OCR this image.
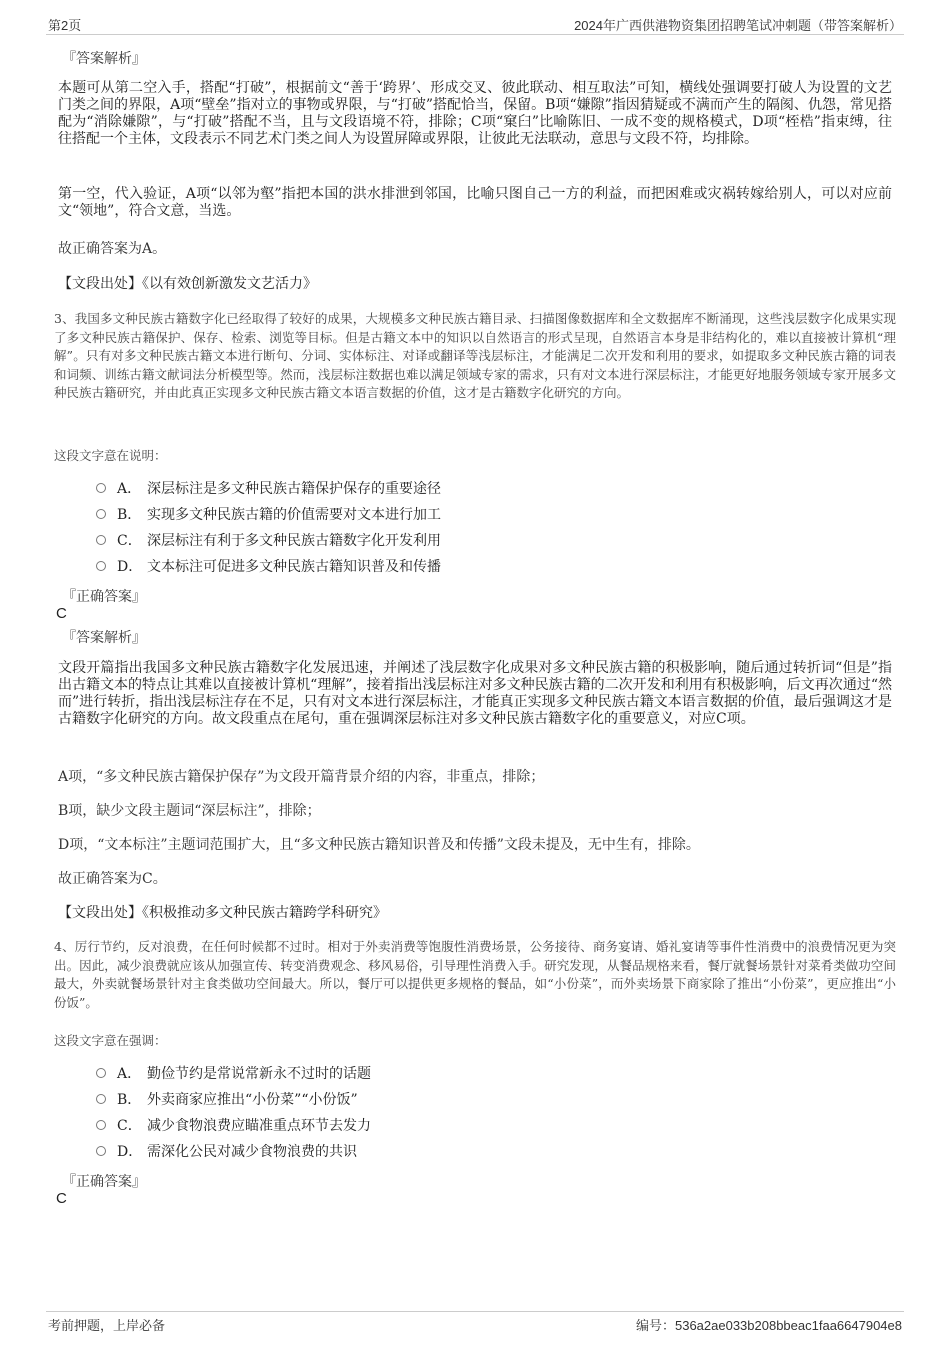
第2页	2024年广西供港物资集团招聘笔试冲刺题（带答案解析）
『答案解析』
本题可从第二空入手，搭配“打破”，根据前文“善于‘跨界’、形成交叉、彼此联动、相互取法”可知，横线处强调要打破人为设置的文艺门类之间的界限，A项“壁垒”指对立的事物或界限，与“打破”搭配恰当，保留。B项“嫌隙”指因猜疑或不满而产生的隔阂、仇怨，常见搭配为“消除嫌隙”，与“打破”搭配不当，且与文段语境不符，排除；C项“窠臼”比喻陈旧、一成不变的规格模式，D项“桎梏”指束缚，往往搭配一个主体，文段表示不同艺术门类之间人为设置屏障或界限，让彼此无法联动，意思与文段不符，均排除。
第一空，代入验证，A项“以邻为壑”指把本国的洪水排泄到邻国，比喻只图自己一方的利益，而把困难或灾祸转嫁给别人，可以对应前文“领地”，符合文意，当选。
故正确答案为A。
【文段出处】《以有效创新激发文艺活力》
3、我国多文种民族古籍数字化已经取得了较好的成果，大规模多文种民族古籍目录、扫描图像数据库和全文数据库不断涌现，这些浅层数字化成果实现了多文种民族古籍保护、保存、检索、浏览等目标。但是古籍文本中的知识以自然语言的形式呈现，自然语言本身是非结构化的，难以直接被计算机“理解”。只有对多文种民族古籍文本进行断句、分词、实体标注、对译或翻译等浅层标注，才能满足二次开发和利用的要求，如提取多文种民族古籍的词表和词频、训练古籍文献词法分析模型等。然而，浅层标注数据也难以满足领域专家的需求，只有对文本进行深层标注，才能更好地服务领域专家开展多文种民族古籍研究，并由此真正实现多文种民族古籍文本语言数据的价值，这才是古籍数字化研究的方向。
这段文字意在说明：
A． 深层标注是多文种民族古籍保护保存的重要途径
B． 实现多文种民族古籍的价值需要对文本进行加工
C． 深层标注有利于多文种民族古籍数字化开发利用
D． 文本标注可促进多文种民族古籍知识普及和传播
『正确答案』
C
『答案解析』
文段开篇指出我国多文种民族古籍数字化发展迅速，并阐述了浅层数字化成果对多文种民族古籍的积极影响，随后通过转折词“但是”指出古籍文本的特点让其难以直接被计算机“理解”，接着指出浅层标注对多文种民族古籍的二次开发和利用有积极影响，后文再次通过“然而”进行转折，指出浅层标注存在不足，只有对文本进行深层标注，才能真正实现多文种民族古籍文本语言数据的价值，最后强调这才是古籍数字化研究的方向。故文段重点在尾句，重在强调深层标注对多文种民族古籍数字化的重要意义，对应C项。
A项，“多文种民族古籍保护保存”为文段开篇背景介绍的内容，非重点，排除；
B项，缺少文段主题词“深层标注”，排除；
D项，“文本标注”主题词范围扩大，且“多文种民族古籍知识普及和传播”文段未提及，无中生有，排除。
故正确答案为C。
【文段出处】《积极推动多文种民族古籍跨学科研究》
4、厉行节约，反对浪费，在任何时候都不过时。相对于外卖消费等饱腹性消费场景，公务接待、商务宴请、婚礼宴请等事件性消费中的浪费情况更为突出。因此，减少浪费就应该从加强宣传、转变消费观念、移风易俗，引导理性消费入手。研究发现，从餐品规格来看，餐厅就餐场景针对菜肴类做功空间最大，外卖就餐场景针对主食类做功空间最大。所以，餐厅可以提供更多规格的餐品，如“小份菜”，而外卖场景下商家除了推出“小份菜”，更应推出“小份饭”。
这段文字意在强调：
A． 勤俭节约是常说常新永不过时的话题
B． 外卖商家应推出“小份菜”“小份饭”
C． 减少食物浪费应瞄准重点环节去发力
D． 需深化公民对减少食物浪费的共识
『正确答案』
C
考前押题，上岸必备	编号：536a2ae033b208bbeac1faa6647904e8
